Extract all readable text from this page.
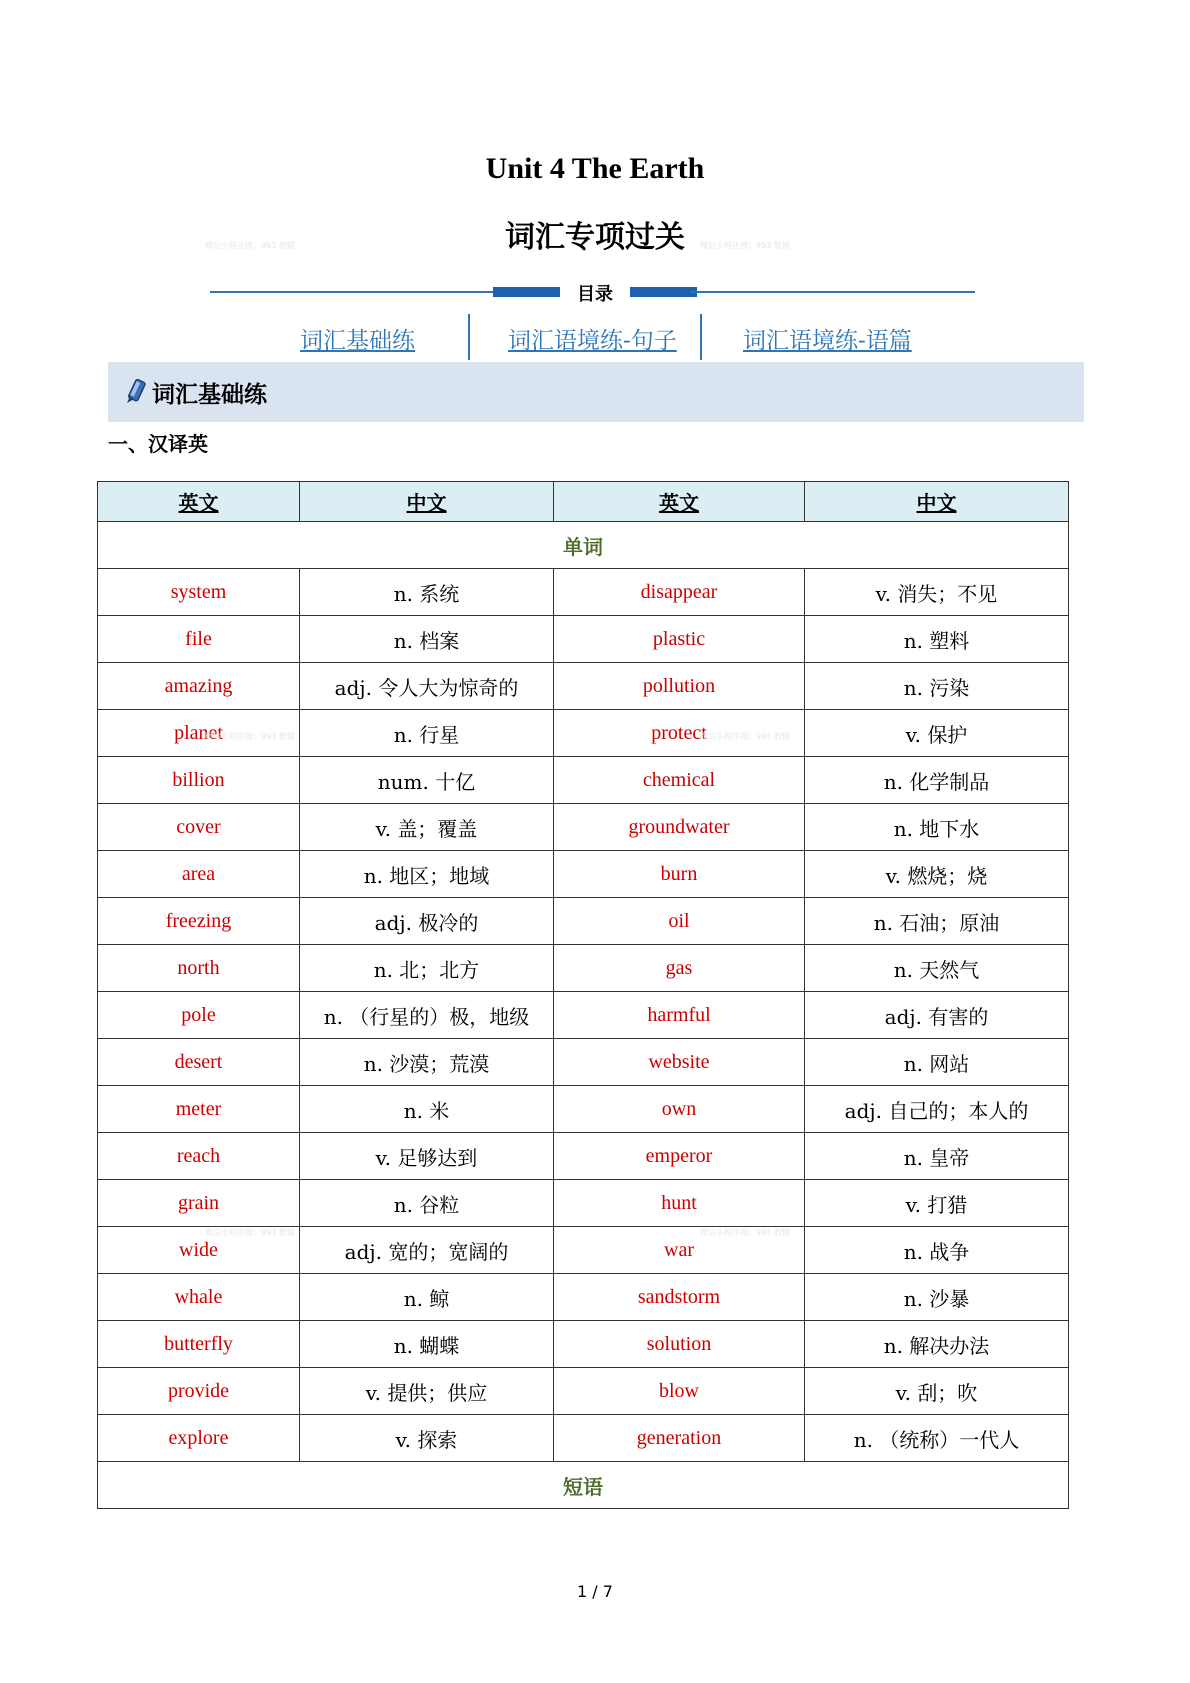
Unit 4 The Earth
词汇专项过关
目录
词汇基础练	词汇语境练-句子	词汇语境练-语篇
词汇基础练
一、汉译英
英文	中文	英文	中文
单词			
system	n. 系统	disappear	v. 消失；不见
file	n. 档案	plastic	n. 塑料
amazing	adj. 令人大为惊奇的	pollution	n. 污染
planet	n. 行星	protect	v. 保护
billion	num. 十亿	chemical	n. 化学制品
cover	v. 盖；覆盖	groundwater	n. 地下水
area	n. 地区；地域	burn	v. 燃烧；烧
freezing	adj. 极冷的	oil	n. 石油；原油
north	n. 北；北方	gas	n. 天然气
pole	n. （行星的）极，地级	harmful	adj. 有害的
desert	n. 沙漠；荒漠	website	n. 网站
meter	n. 米	own	adj. 自己的；本人的
reach	v. 足够达到	emperor	n. 皇帝
grain	n. 谷粒	hunt	v. 打猎
wide	adj. 宽的；宽阔的	war	n. 战争
whale	n. 鲸	sandstorm	n. 沙暴
butterfly	n. 蝴蝶	solution	n. 解决办法
provide	v. 提供；供应	blow	v. 刮；吹
explore	v. 探索	generation	n. （统称）一代人
短语			
1 / 7
微信小程序搜：993 教辅	微信小程序搜：993 教辅
微信小程序搜：993 教辅	微信小程序搜：993 教辅
微信小程序搜：993 教辅	微信小程序搜：993 教辅
